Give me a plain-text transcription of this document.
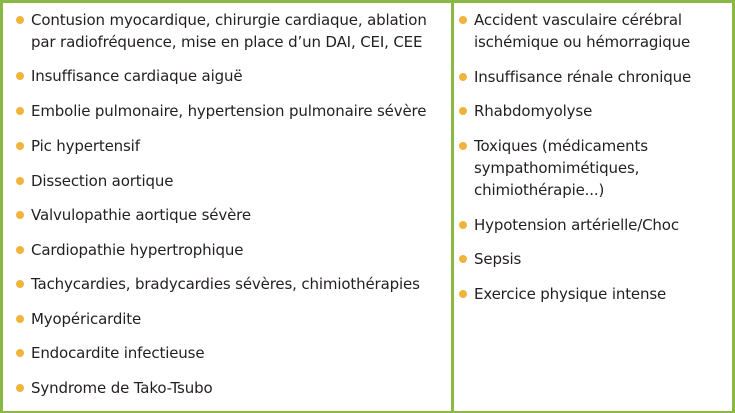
Contusion myocardique, chirurgie cardiaque, ablation
par radiofréquence, mise en place d’un DAI, CEI, CEE
Insuffisance cardiaque aiguë
Embolie pulmonaire, hypertension pulmonaire sévère
Pic hypertensif
Dissection aortique
Valvulopathie aortique sévère
Cardiopathie hypertrophique
Tachycardies, bradycardies sévères, chimiothérapies
Myopéricardite
Endocardite infectieuse
Syndrome de Tako-Tsubo
Accident vasculaire cérébral
ischémique ou hémorragique
Insuffisance rénale chronique
Rhabdomyolyse
Toxiques (médicaments
sympathomimétiques,
chimiothérapie...)
Hypotension artérielle/Choc
Sepsis
Exercice physique intense
